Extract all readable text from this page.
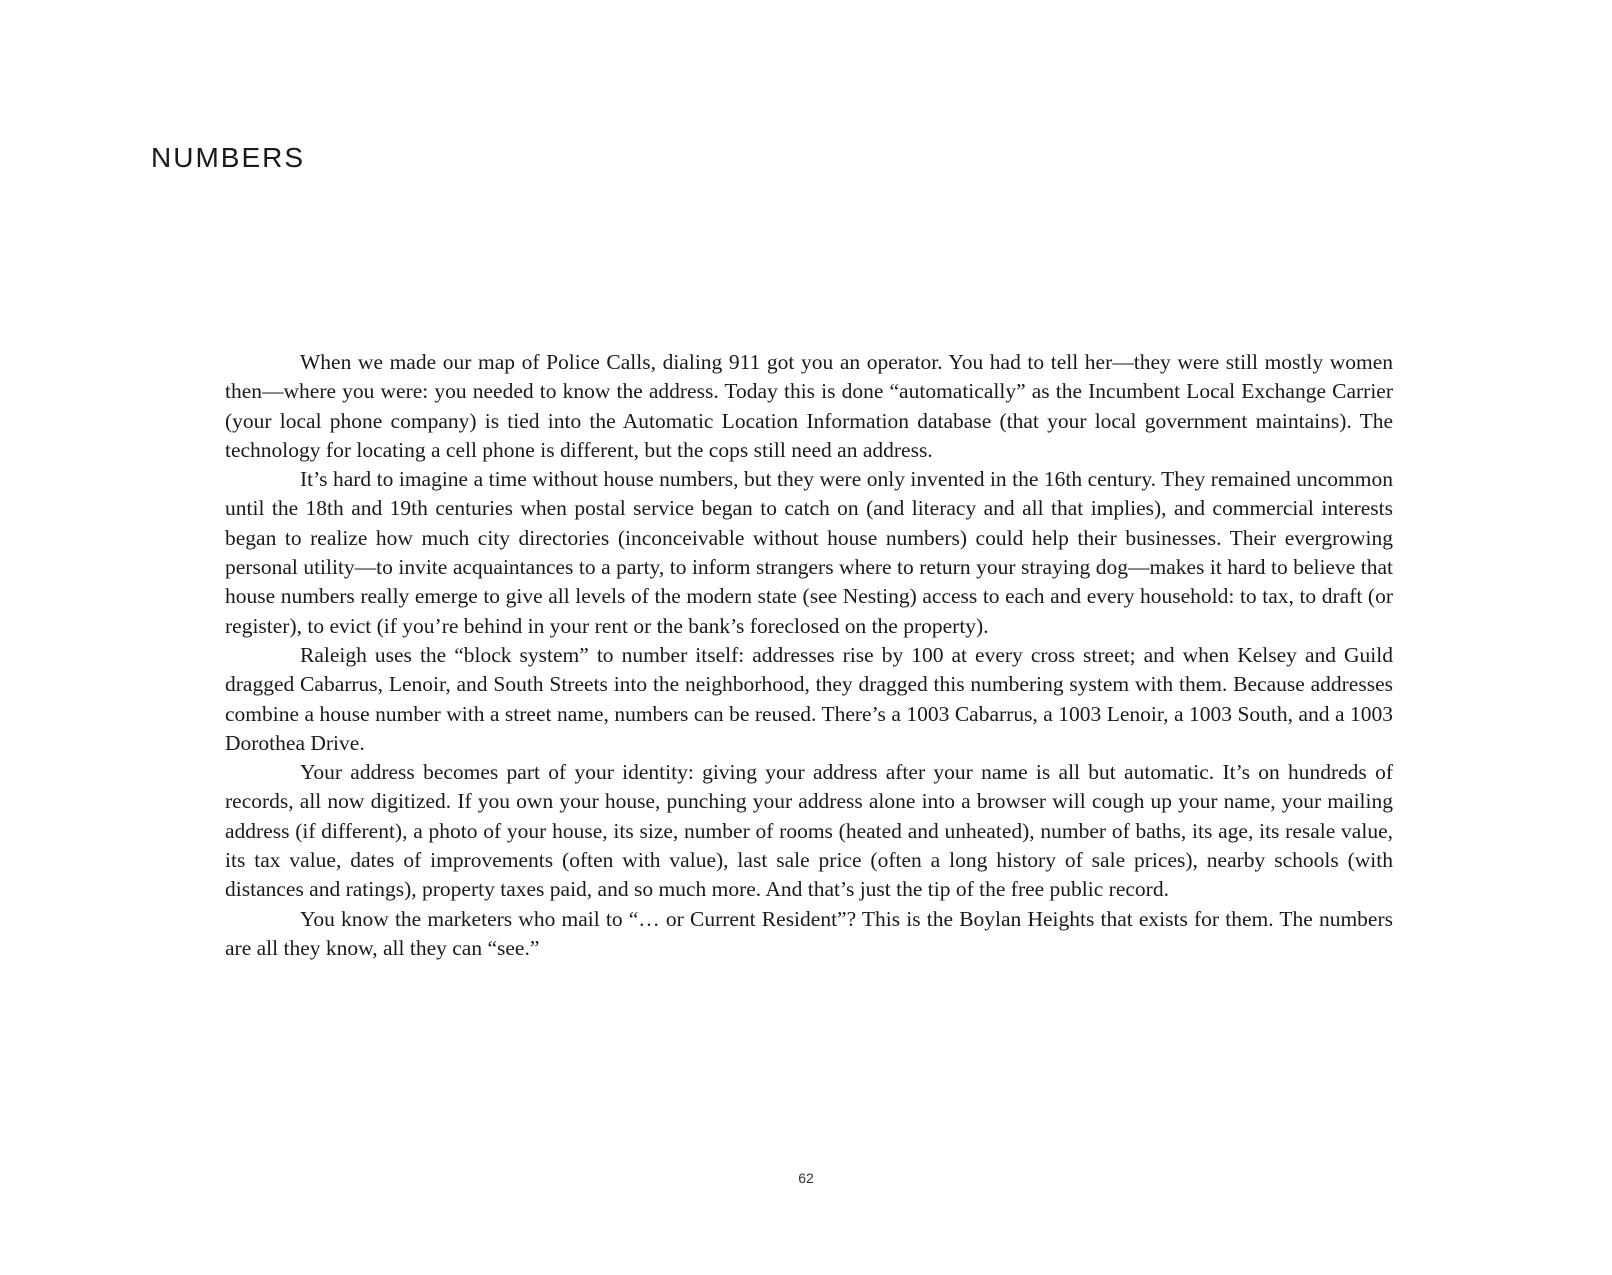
NUMBERS

When we made our map of Police Calls, dialing 911 got you an operator. You had to tell her—they were still mostly women then—where you were: you needed to know the address. Today this is done “automatically” as the Incumbent Local Exchange Carrier (your local phone company) is tied into the Automatic Location Information database (that your local government maintains). The technology for locating a cell phone is different, but the cops still need an address.

It’s hard to imagine a time without house numbers, but they were only invented in the 16th century. They remained uncommon until the 18th and 19th centuries when postal service began to catch on (and literacy and all that implies), and commercial interests began to realize how much city directories (inconceivable without house numbers) could help their businesses. Their evergrowing personal utility—to invite acquaintances to a party, to inform strangers where to return your straying dog—makes it hard to believe that house numbers really emerge to give all levels of the modern state (see Nesting) access to each and every household: to tax, to draft (or register), to evict (if you’re behind in your rent or the bank’s foreclosed on the property).

Raleigh uses the “block system” to number itself: addresses rise by 100 at every cross street; and when Kelsey and Guild dragged Cabarrus, Lenoir, and South Streets into the neighborhood, they dragged this numbering system with them. Because addresses combine a house number with a street name, numbers can be reused. There’s a 1003 Cabarrus, a 1003 Lenoir, a 1003 South, and a 1003 Dorothea Drive.

Your address becomes part of your identity: giving your address after your name is all but automatic. It’s on hundreds of records, all now digitized. If you own your house, punching your address alone into a browser will cough up your name, your mailing address (if different), a photo of your house, its size, number of rooms (heated and unheated), number of baths, its age, its resale value, its tax value, dates of improvements (often with value), last sale price (often a long history of sale prices), nearby schools (with distances and ratings), property taxes paid, and so much more. And that’s just the tip of the free public record.

You know the marketers who mail to “… or Current Resident”? This is the Boylan Heights that exists for them. The numbers are all they know, all they can “see.”

62
